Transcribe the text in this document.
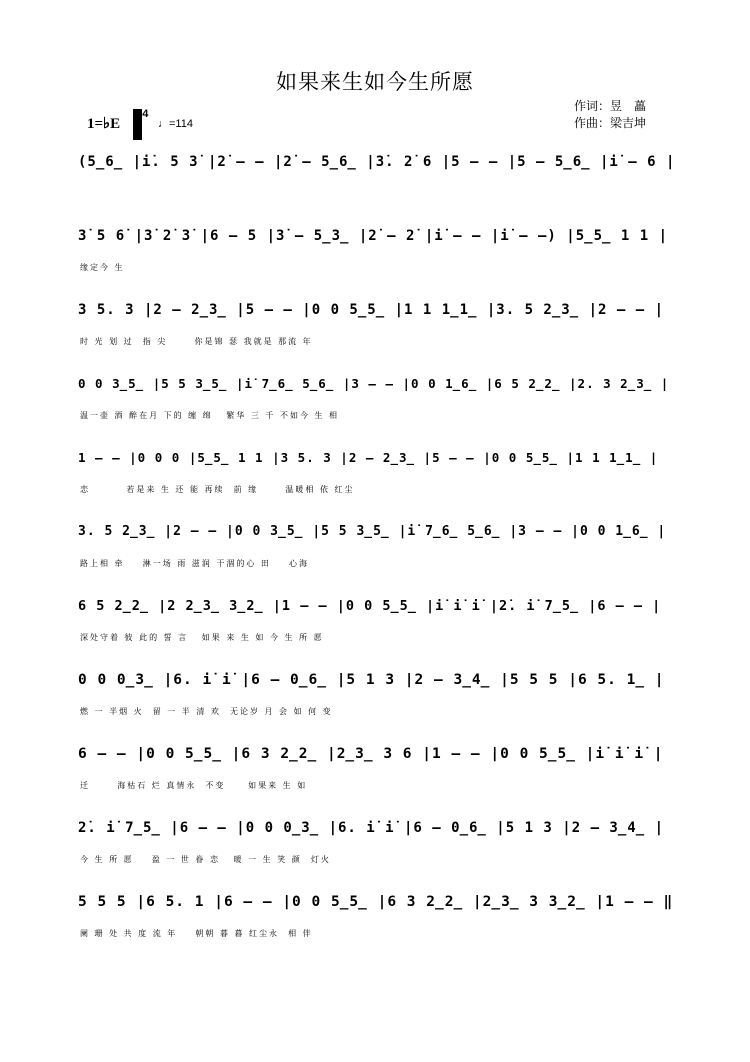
如果来生如今生所愿
作词：昱　藟
作曲：梁吉坤
1=♭E
4
♩=114
(5̲6̲ |i̇. 5 3̇ |2̇ – – |2̇ – 5̲6̲ |3̇. 2̇ 6 |5 – – |5 – 5̲6̲ |i̇ – 6 |
3̇ 5 6̇ |3̇ 2̇ 3̇ |6 – 5 |3̇ – 5̲3̲ |2̇ – 2̇ |i̇ – – |i̇ – –) |5̲5̲ 1 1 |
缘定今 生
3 5. 3 |2 – 2̲3̲ |5 – – |0 0 5̲5̲ |1 1 1̲1̲ |3. 5 2̲3̲ |2 – – |
时 光 划 过  指 尖      你是锦 瑟 我就是 那流 年
0 0 3̲5̲ |5 5 3̲5̲ |i̇ 7̲6̲ 5̲6̲ |3 – – |0 0 1̲6̲ |6 5 2̲2̲ |2. 3 2̲3̲ |
温一壶 酒 醉在月 下的 缠 绵   繁华 三 千 不如今 生 相
1 – – |0 0 0 |5̲5̲ 1 1 |3 5. 3 |2 – 2̲3̲ |5 – – |0 0 5̲5̲ |1 1 1̲1̲ |
恋        若是来 生 还 能 再续  前 缘      温暖相 依 红尘
3. 5 2̲3̲ |2 – – |0 0 3̲5̲ |5 5 3̲5̲ |i̇ 7̲6̲ 5̲6̲ |3 – – |0 0 1̲6̲ |
路上相 牵    淋一场 雨 滋润 干涸的心 田    心海
6 5 2̲2̲ |2 2̲3̲ 3̲2̲ |1 – – |0 0 5̲5̲ |i̇ i̇ i̇ |2̇. i̇ 7̲5̲ |6 – – |
深处守着 彼 此的 誓 言   如果 来 生 如 今 生 所 愿
0 0 0̲3̲ |6. i̇ i̇ |6 – 0̲6̲ |5 1 3 |2 – 3̲4̲ |5 5 5 |6 5. 1̲ |
燃 一 半烟 火  留 一 半 清 欢  无论岁 月 会 如 何 变
6 – – |0 0 5̲5̲ |6 3 2̲2̲ |2̲3̲ 3 6 |1 – – |0 0 5̲5̲ |i̇ i̇ i̇ |
迁      海枯石 烂 真情永  不变     如果来 生 如
2̇. i̇ 7̲5̲ |6 – – |0 0 0̲3̲ |6. i̇ i̇ |6 – 0̲6̲ |5 1 3 |2 – 3̲4̲ |
今 生 所 愿    盈 一 世 眷 恋   暖 一 生 笑 颜  灯火
5 5 5 |6 5. 1 |6 – – |0 0 5̲5̲ |6 3 2̲2̲ |2̲3̲ 3 3̲2̲ |1 – – ‖
阑 珊 处 共 度 流 年    朝朝 暮 暮 红尘永  相 伴
